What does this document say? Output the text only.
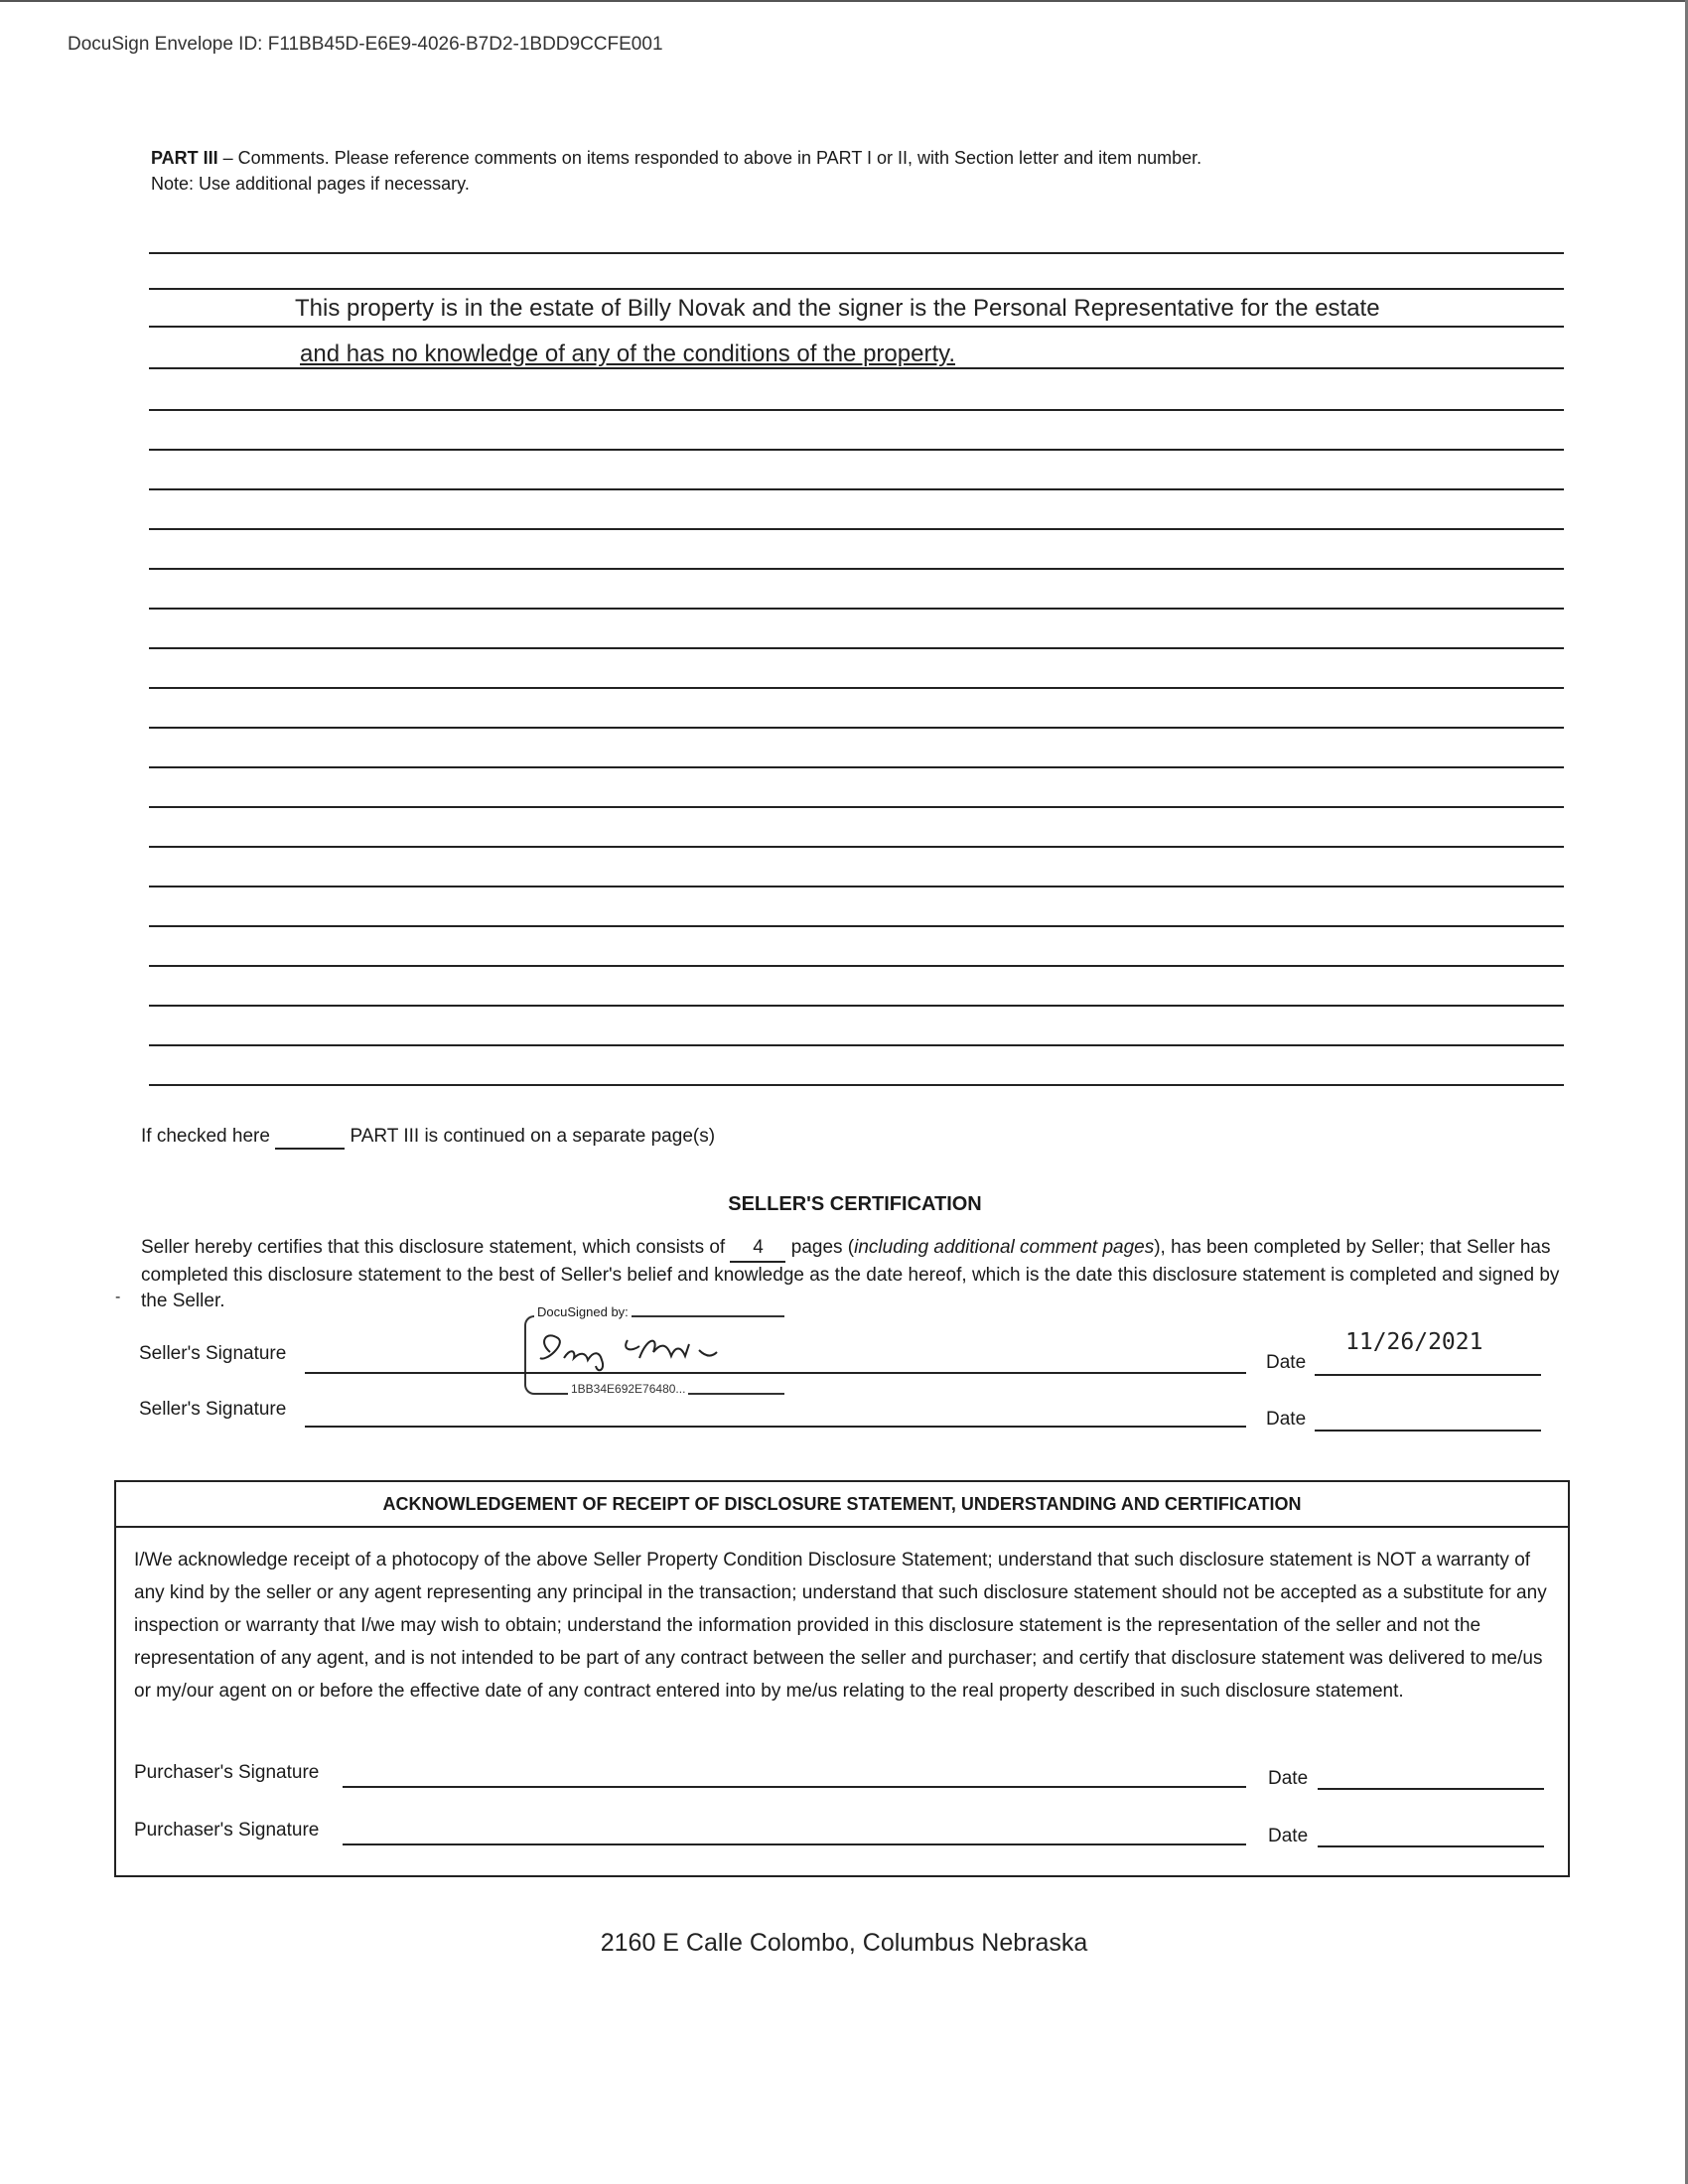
DocuSign Envelope ID: F11BB45D-E6E9-4026-B7D2-1BDD9CCFE001
PART III – Comments. Please reference comments on items responded to above in PART I or II, with Section letter and item number.
Note: Use additional pages if necessary.
This property is in the estate of Billy Novak and the signer is the Personal Representative for the estate
and has no knowledge of any of the conditions of the property.
If checked here	PART III is continued on a separate page(s)
SELLER'S CERTIFICATION
Seller hereby certifies that this disclosure statement, which consists of 4 pages (including additional comment pages), has been completed by Seller; that Seller has completed this disclosure statement to the best of Seller's belief and knowledge as the date hereof, which is the date this disclosure statement is completed and signed by the Seller.
-
DocuSigned by:
1BB34E692E76480...
Seller's Signature	Date
11/26/2021
Seller's Signature	Date
ACKNOWLEDGEMENT OF RECEIPT OF DISCLOSURE STATEMENT, UNDERSTANDING AND CERTIFICATION
I/We acknowledge receipt of a photocopy of the above Seller Property Condition Disclosure Statement; understand that such disclosure statement is NOT a warranty of any kind by the seller or any agent representing any principal in the transaction; understand that such disclosure statement should not be accepted as a substitute for any inspection or warranty that I/we may wish to obtain; understand the information provided in this disclosure statement is the representation of the seller and not the representation of any agent, and is not intended to be part of any contract between the seller and purchaser; and certify that disclosure statement was delivered to me/us or my/our agent on or before the effective date of any contract entered into by me/us relating to the real property described in such disclosure statement.
Purchaser's Signature	Date
Purchaser's Signature	Date
2160 E Calle Colombo, Columbus Nebraska
